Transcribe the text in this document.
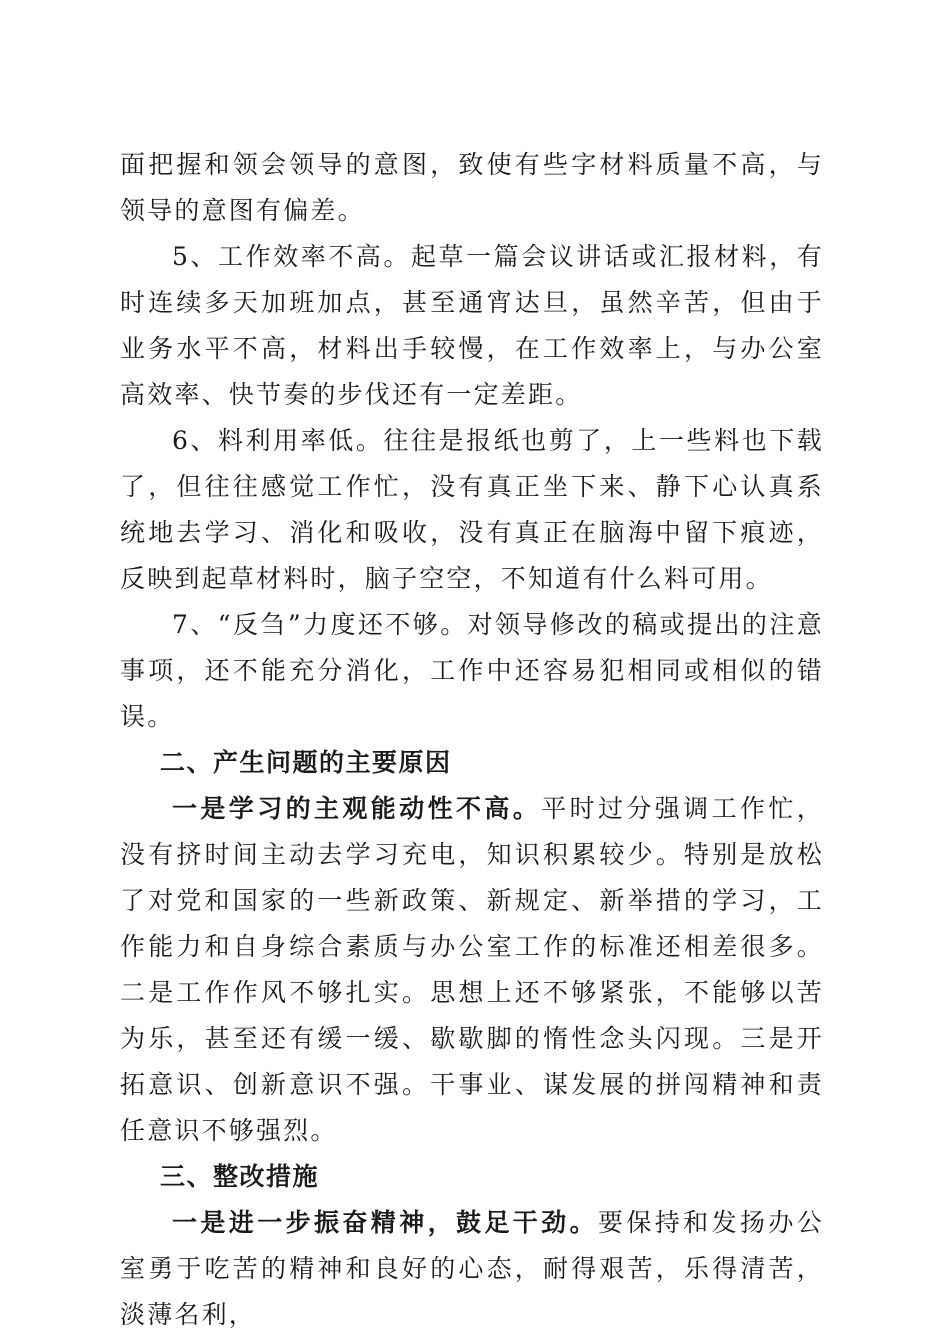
面把握和领会领导的意图，致使有些字材料质量不高，与领导的意图有偏差。

5、工作效率不高。起草一篇会议讲话或汇报材料，有时连续多天加班加点，甚至通宵达旦，虽然辛苦，但由于业务水平不高，材料出手较慢，在工作效率上，与办公室高效率、快节奏的步伐还有一定差距。

6、料利用率低。往往是报纸也剪了，上一些料也下载了，但往往感觉工作忙，没有真正坐下来、静下心认真系统地去学习、消化和吸收，没有真正在脑海中留下痕迹，反映到起草材料时，脑子空空，不知道有什么料可用。

7、“反刍”力度还不够。对领导修改的稿或提出的注意事项，还不能充分消化，工作中还容易犯相同或相似的错误。

二、产生问题的主要原因

一是学习的主观能动性不高。平时过分强调工作忙，没有挤时间主动去学习充电，知识积累较少。特别是放松了对党和国家的一些新政策、新规定、新举措的学习，工作能力和自身综合素质与办公室工作的标准还相差很多。二是工作作风不够扎实。思想上还不够紧张，不能够以苦为乐，甚至还有缓一缓、歇歇脚的惰性念头闪现。三是开拓意识、创新意识不强。干事业、谋发展的拼闯精神和责任意识不够强烈。

三、整改措施

一是进一步振奋精神，鼓足干劲。要保持和发扬办公室勇于吃苦的精神和良好的心态，耐得艰苦，乐得清苦，淡薄名利，
